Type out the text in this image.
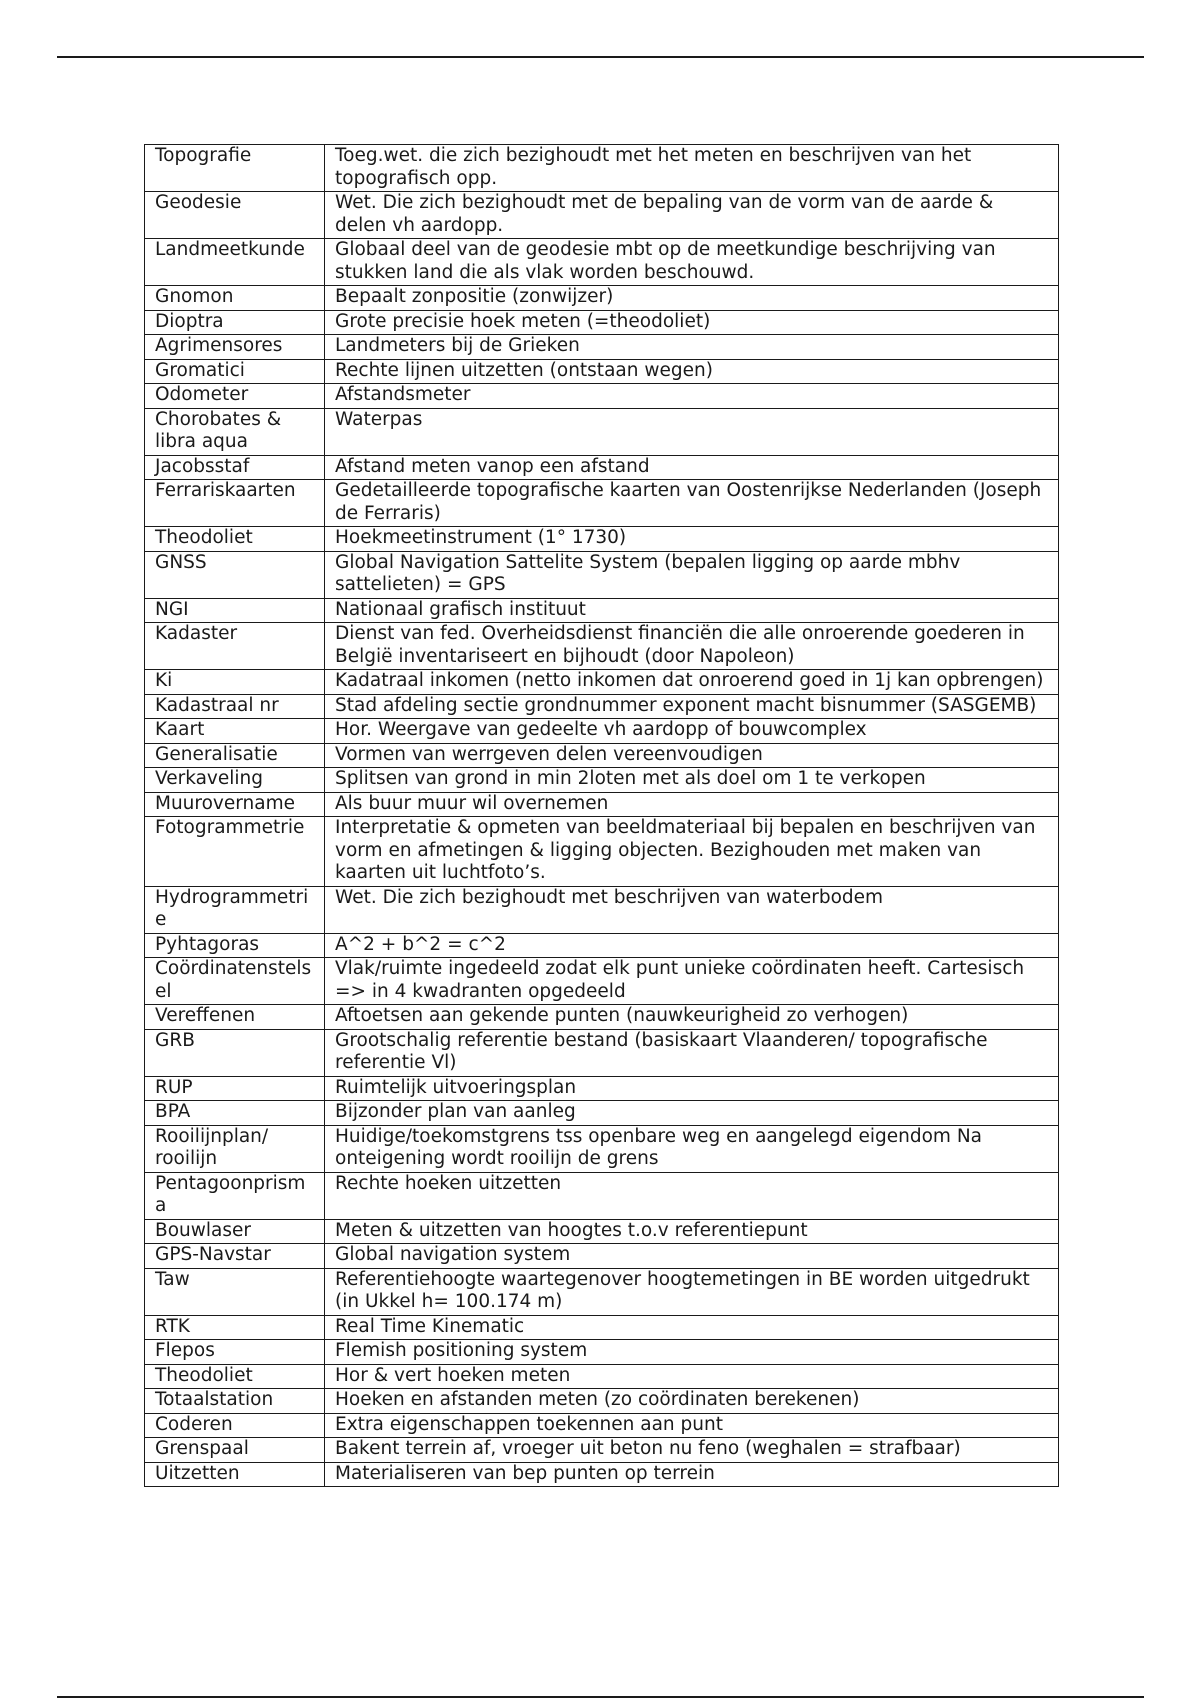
Topografie	Toeg.wet. die zich bezighoudt met het meten en beschrijven van het topografisch opp.
Geodesie	Wet. Die zich bezighoudt met de bepaling van de vorm van de aarde & delen vh aardopp.
Landmeetkunde	Globaal deel van de geodesie mbt op de meetkundige beschrijving van stukken land die als vlak worden beschouwd.
Gnomon	Bepaalt zonpositie (zonwijzer)
Dioptra	Grote precisie hoek meten (=theodoliet)
Agrimensores	Landmeters bij de Grieken
Gromatici	Rechte lijnen uitzetten (ontstaan wegen)
Odometer	Afstandsmeter
Chorobates & libra aqua	Waterpas
Jacobsstaf	Afstand meten vanop een afstand
Ferrariskaarten	Gedetailleerde topografische kaarten van Oostenrijkse Nederlanden (Joseph de Ferraris)
Theodoliet	Hoekmeetinstrument (1° 1730)
GNSS	Global Navigation Sattelite System (bepalen ligging op aarde mbhv sattelieten) = GPS
NGI	Nationaal grafisch instituut
Kadaster	Dienst van fed. Overheidsdienst financiën die alle onroerende goederen in België inventariseert en bijhoudt (door Napoleon)
Ki	Kadatraal inkomen (netto inkomen dat onroerend goed in 1j kan opbrengen)
Kadastraal nr	Stad afdeling sectie grondnummer exponent macht bisnummer (SASGEMB)
Kaart	Hor. Weergave van gedeelte vh aardopp of bouwcomplex
Generalisatie	Vormen van werrgeven delen vereenvoudigen
Verkaveling	Splitsen van grond in min 2loten met als doel om 1 te verkopen
Muurovername	Als buur muur wil overnemen
Fotogrammetrie	Interpretatie & opmeten van beeldmateriaal bij bepalen en beschrijven van vorm en afmetingen & ligging objecten. Bezighouden met maken van kaarten uit luchtfoto’s.
Hydrogrammetrie	Wet. Die zich bezighoudt met beschrijven van waterbodem
Pyhtagoras	A^2 + b^2 = c^2
Coördinatenstelsel	Vlak/ruimte ingedeeld zodat elk punt unieke coördinaten heeft. Cartesisch => in 4 kwadranten opgedeeld
Vereffenen	Aftoetsen aan gekende punten (nauwkeurigheid zo verhogen)
GRB	Grootschalig referentie bestand (basiskaart Vlaanderen/ topografische referentie Vl)
RUP	Ruimtelijk uitvoeringsplan
BPA	Bijzonder plan van aanleg
Rooilijnplan/ rooilijn	Huidige/toekomstgrens tss openbare weg en aangelegd eigendom Na onteigening wordt rooilijn de grens
Pentagoonprisma	Rechte hoeken uitzetten
Bouwlaser	Meten & uitzetten van hoogtes t.o.v referentiepunt
GPS-Navstar	Global navigation system
Taw	Referentiehoogte waartegenover hoogtemetingen in BE worden uitgedrukt (in Ukkel h= 100.174 m)
RTK	Real Time Kinematic
Flepos	Flemish positioning system
Theodoliet	Hor & vert hoeken meten
Totaalstation	Hoeken en afstanden meten (zo coördinaten berekenen)
Coderen	Extra eigenschappen toekennen aan punt
Grenspaal	Bakent terrein af, vroeger uit beton nu feno (weghalen = strafbaar)
Uitzetten	Materialiseren van bep punten op terrein
